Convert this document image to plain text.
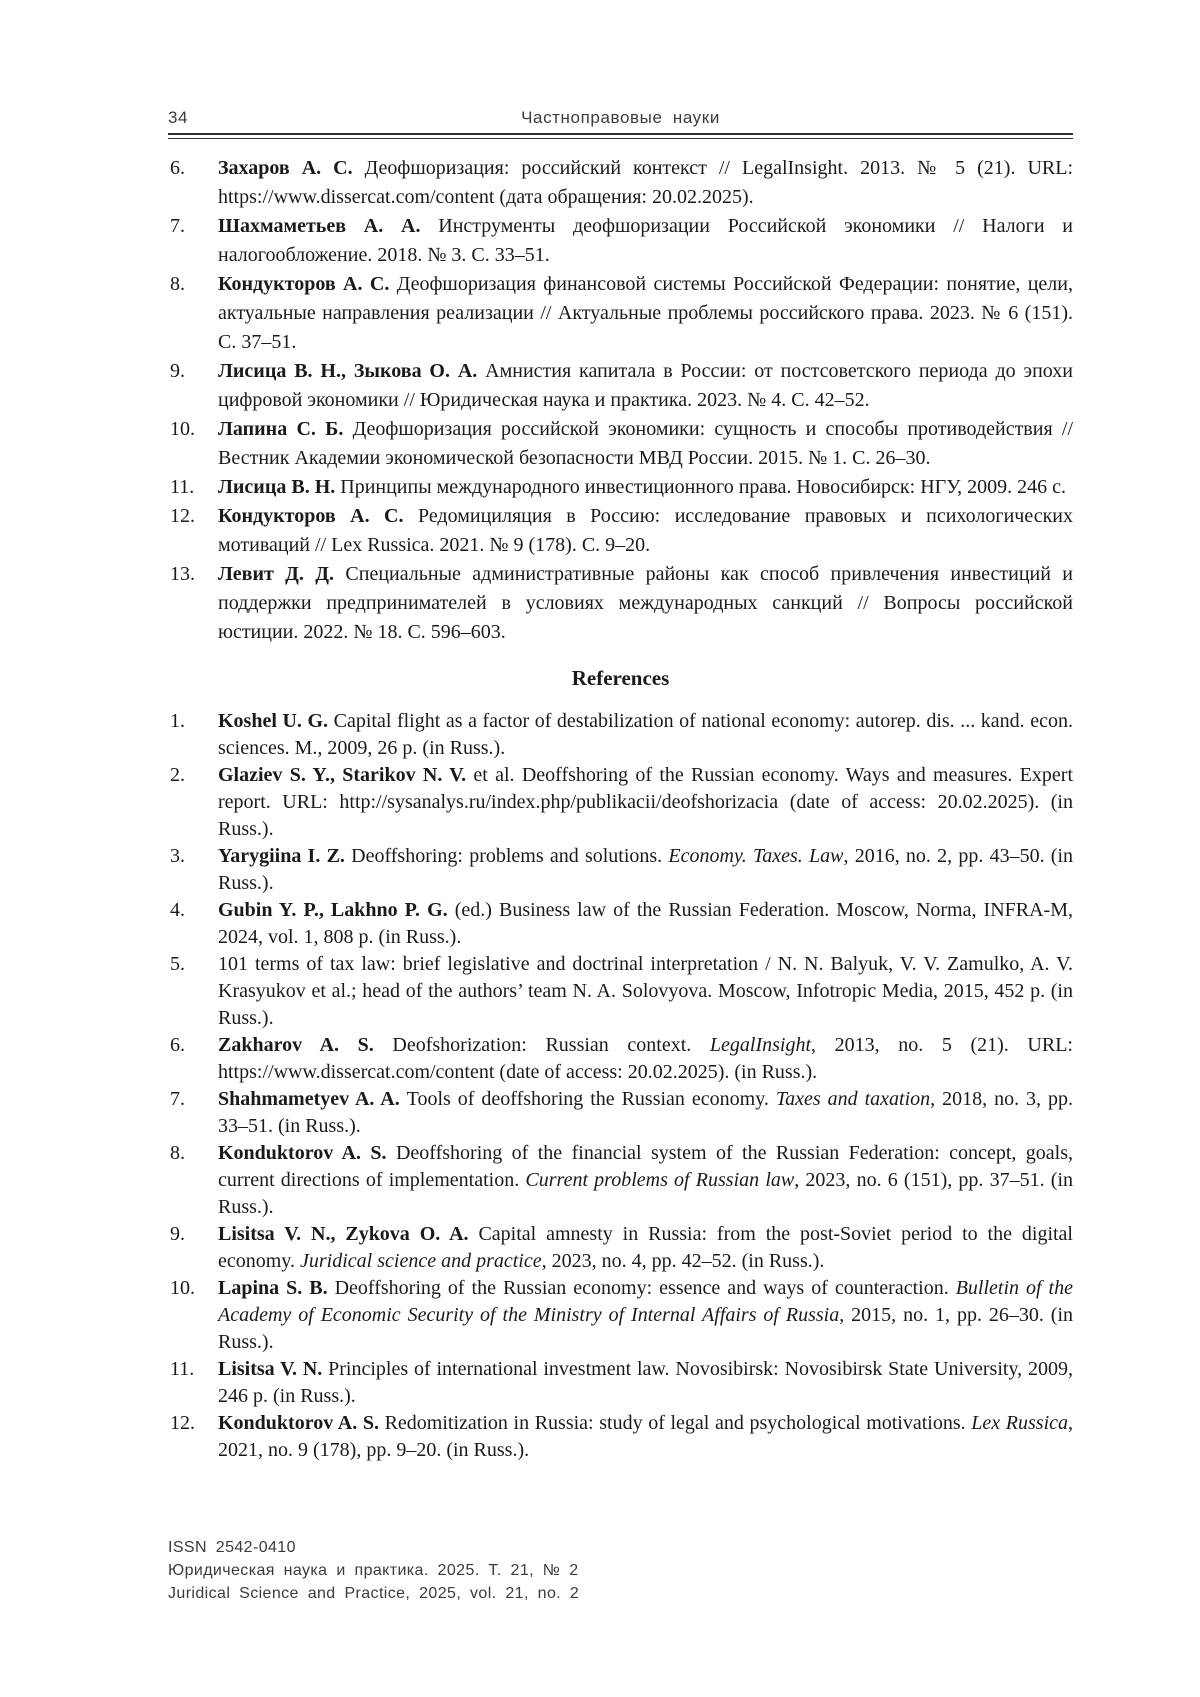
34	Частноправовые науки
6. Захаров А. С. Деофшоризация: российский контекст // LegalInsight. 2013. № 5 (21). URL: https://www.dissercat.com/content (дата обращения: 20.02.2025).
7. Шахмаметьев А. А. Инструменты деофшоризации Российской экономики // Налоги и налогообложение. 2018. № 3. С. 33–51.
8. Кондукторов А. С. Деофшоризация финансовой системы Российской Федерации: понятие, цели, актуальные направления реализации // Актуальные проблемы российского права. 2023. № 6 (151). С. 37–51.
9. Лисица В. Н., Зыкова О. А. Амнистия капитала в России: от постсоветского периода до эпохи цифровой экономики // Юридическая наука и практика. 2023. № 4. С. 42–52.
10. Лапина С. Б. Деофшоризация российской экономики: сущность и способы противодействия // Вестник Академии экономической безопасности МВД России. 2015. № 1. С. 26–30.
11. Лисица В. Н. Принципы международного инвестиционного права. Новосибирск: НГУ, 2009. 246 с.
12. Кондукторов А. С. Редомициляция в Россию: исследование правовых и психологических мотиваций // Lex Russica. 2021. № 9 (178). С. 9–20.
13. Левит Д. Д. Специальные административные районы как способ привлечения инвестиций и поддержки предпринимателей в условиях международных санкций // Вопросы российской юстиции. 2022. № 18. С. 596–603.
References
1. Koshel U. G. Capital flight as a factor of destabilization of national economy: autorep. dis. ... kand. econ. sciences. M., 2009, 26 p. (in Russ.).
2. Glaziev S. Y., Starikov N. V. et al. Deoffshoring of the Russian economy. Ways and measures. Expert report. URL: http://sysanalys.ru/index.php/publikacii/deofshorizacia (date of access: 20.02.2025). (in Russ.).
3. Yarygiina I. Z. Deoffshoring: problems and solutions. Economy. Taxes. Law, 2016, no. 2, pp. 43–50. (in Russ.).
4. Gubin Y. P., Lakhno P. G. (ed.) Business law of the Russian Federation. Moscow, Norma, INFRA-M, 2024, vol. 1, 808 p. (in Russ.).
5. 101 terms of tax law: brief legislative and doctrinal interpretation / N. N. Balyuk, V. V. Zamulko, A. V. Krasyukov et al.; head of the authors’ team N. A. Solovyova. Moscow, Infotropic Media, 2015, 452 p. (in Russ.).
6. Zakharov A. S. Deofshorization: Russian context. LegalInsight, 2013, no. 5 (21). URL: https://www.dissercat.com/content (date of access: 20.02.2025). (in Russ.).
7. Shahmametyev A. A. Tools of deoffshoring the Russian economy. Taxes and taxation, 2018, no. 3, pp. 33–51. (in Russ.).
8. Konduktorov A. S. Deoffshoring of the financial system of the Russian Federation: concept, goals, current directions of implementation. Current problems of Russian law, 2023, no. 6 (151), pp. 37–51. (in Russ.).
9. Lisitsa V. N., Zykova O. A. Capital amnesty in Russia: from the post-Soviet period to the digital economy. Juridical science and practice, 2023, no. 4, pp. 42–52. (in Russ.).
10. Lapina S. B. Deoffshoring of the Russian economy: essence and ways of counteraction. Bulletin of the Academy of Economic Security of the Ministry of Internal Affairs of Russia, 2015, no. 1, pp. 26–30. (in Russ.).
11. Lisitsa V. N. Principles of international investment law. Novosibirsk: Novosibirsk State University, 2009, 246 p. (in Russ.).
12. Konduktorov A. S. Redomitization in Russia: study of legal and psychological motivations. Lex Russica, 2021, no. 9 (178), pp. 9–20. (in Russ.).
ISSN 2542-0410
Юридическая наука и практика. 2025. Т. 21, № 2
Juridical Science and Practice, 2025, vol. 21, no. 2
